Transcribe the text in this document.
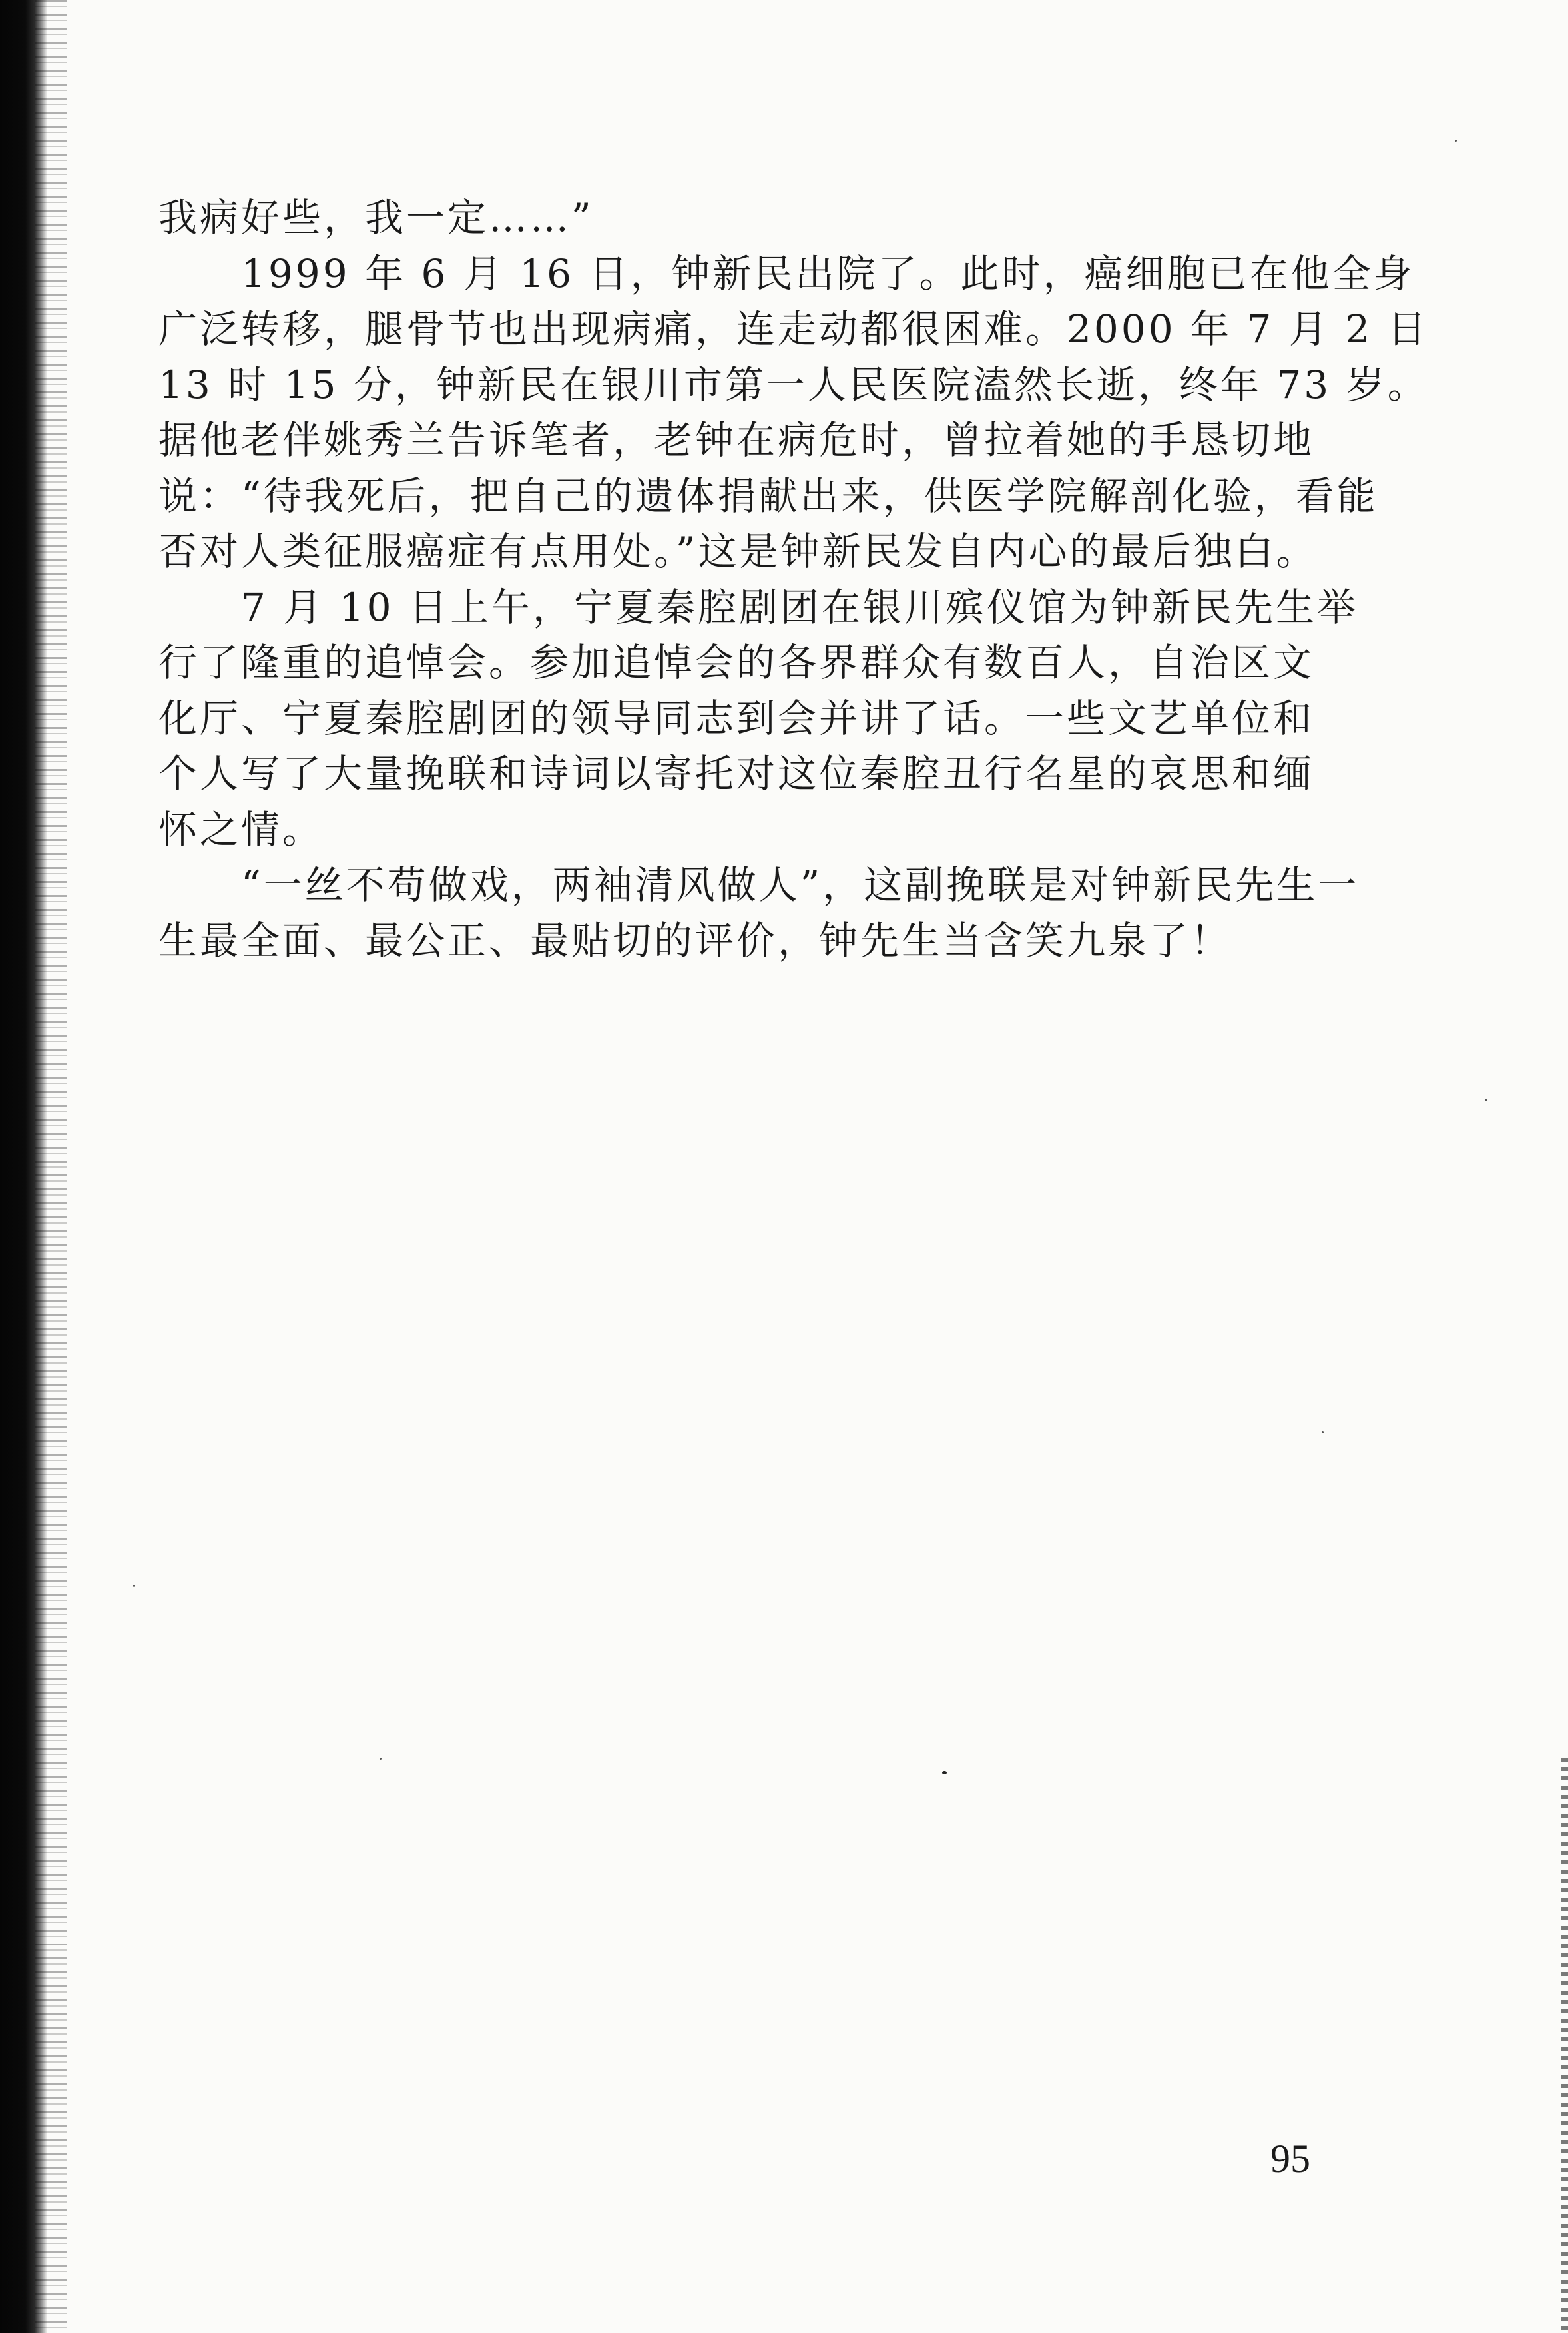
我病好些，我一定……”
　　1999 年 6 月 16 日，钟新民出院了。此时，癌细胞已在他全身
广泛转移，腿骨节也出现病痛，连走动都很困难。2000 年 7 月 2 日
13 时 15 分，钟新民在银川市第一人民医院溘然长逝，终年 73 岁。
据他老伴姚秀兰告诉笔者，老钟在病危时，曾拉着她的手恳切地
说：“待我死后，把自己的遗体捐献出来，供医学院解剖化验，看能
否对人类征服癌症有点用处。”这是钟新民发自内心的最后独白。
　　7 月 10 日上午，宁夏秦腔剧团在银川殡仪馆为钟新民先生举
行了隆重的追悼会。参加追悼会的各界群众有数百人，自治区文
化厅、宁夏秦腔剧团的领导同志到会并讲了话。一些文艺单位和
个人写了大量挽联和诗词以寄托对这位秦腔丑行名星的哀思和缅
怀之情。
　　“一丝不苟做戏，两袖清风做人”，这副挽联是对钟新民先生一
生最全面、最公正、最贴切的评价，钟先生当含笑九泉了！
95
